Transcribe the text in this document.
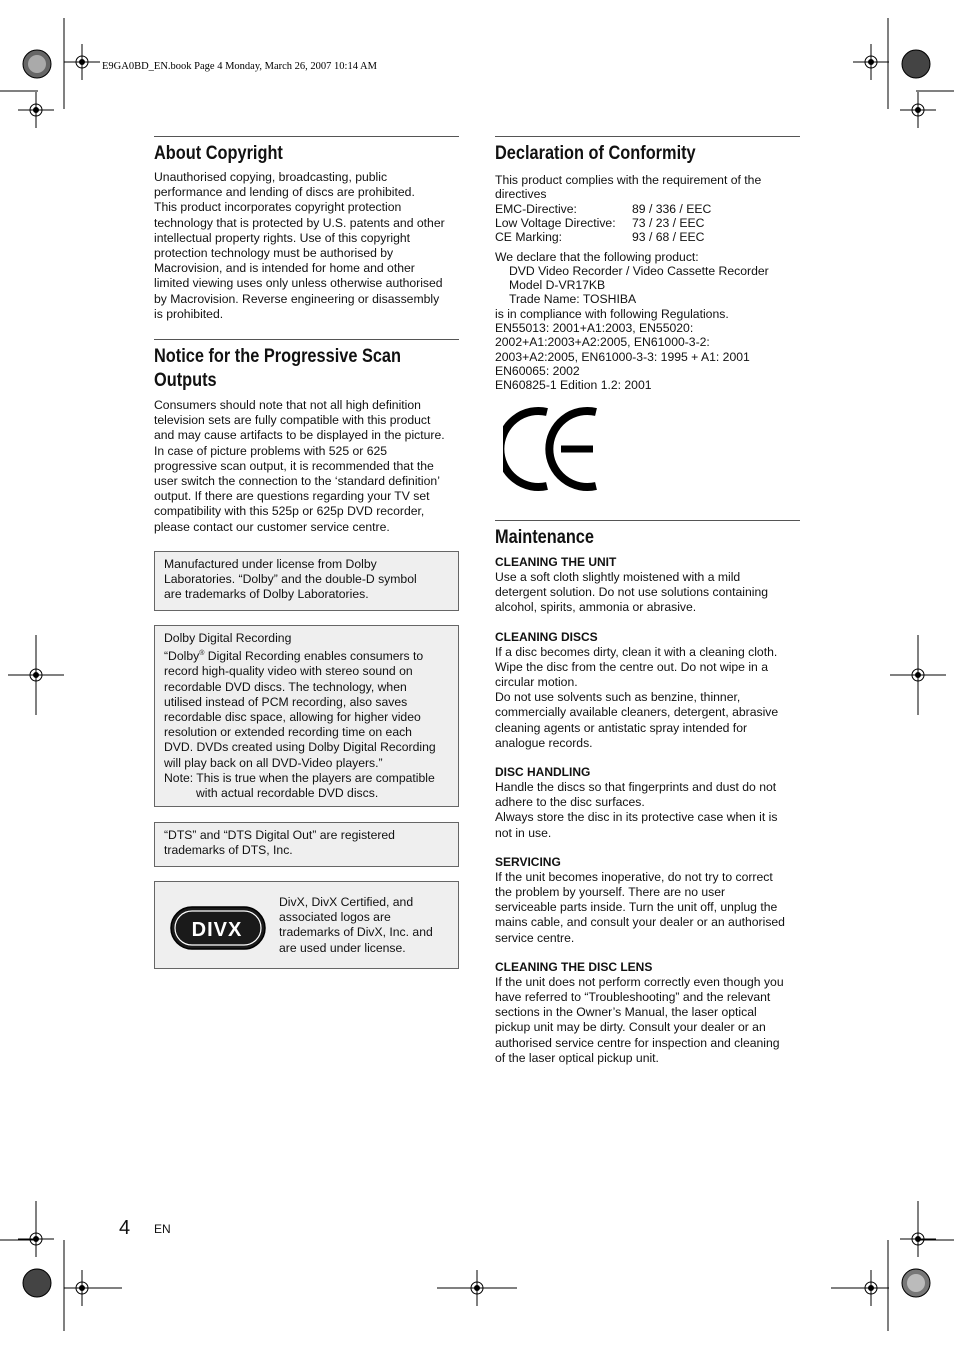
E9GA0BD_EN.book Page 4 Monday, March 26, 2007 10:14 AM
About Copyright
Unauthorised copying, broadcasting, public
performance and lending of discs are prohibited.
This product incorporates copyright protection
technology that is protected by U.S. patents and other
intellectual property rights. Use of this copyright
protection technology must be authorised by
Macrovision, and is intended for home and other
limited viewing uses only unless otherwise authorised
by Macrovision. Reverse engineering or disassembly
is prohibited.
Notice for the Progressive Scan
Outputs
Consumers should note that not all high definition
television sets are fully compatible with this product
and may cause artifacts to be displayed in the picture.
In case of picture problems with 525 or 625
progressive scan output, it is recommended that the
user switch the connection to the ‘standard definition’
output. If there are questions regarding your TV set
compatibility with this 525p or 625p DVD recorder,
please contact our customer service centre.
Manufactured under license from Dolby
Laboratories. “Dolby” and the double-D symbol
are trademarks of Dolby Laboratories.
Dolby Digital Recording
“Dolby® Digital Recording enables consumers to
record high-quality video with stereo sound on
recordable DVD discs. The technology, when
utilised instead of PCM recording, also saves
recordable disc space, allowing for higher video
resolution or extended recording time on each
DVD. DVDs created using Dolby Digital Recording
will play back on all DVD-Video players.”
Note: This is true when the players are compatible
with actual recordable DVD discs.
“DTS” and “DTS Digital Out” are registered
trademarks of DTS, Inc.
DIVX
DivX, DivX Certified, and
associated logos are
trademarks of DivX, Inc. and
are used under license.
Declaration of Conformity
This product complies with the requirement of the
directives
EMC-Directive:	89 / 336 / EEC
Low Voltage Directive:	73 / 23 / EEC
CE Marking:	93 / 68 / EEC
We declare that the following product:
DVD Video Recorder / Video Cassette Recorder
Model D-VR17KB
Trade Name: TOSHIBA
is in compliance with following Regulations.
EN55013: 2001+A1:2003, EN55020:
2002+A1:2003+A2:2005, EN61000-3-2:
2003+A2:2005, EN61000-3-3: 1995 + A1: 2001
EN60065: 2002
EN60825-1 Edition 1.2: 2001
Maintenance
CLEANING THE UNIT
Use a soft cloth slightly moistened with a mild
detergent solution. Do not use solutions containing
alcohol, spirits, ammonia or abrasive.
CLEANING DISCS
If a disc becomes dirty, clean it with a cleaning cloth.
Wipe the disc from the centre out. Do not wipe in a
circular motion.
Do not use solvents such as benzine, thinner,
commercially available cleaners, detergent, abrasive
cleaning agents or antistatic spray intended for
analogue records.
DISC HANDLING
Handle the discs so that fingerprints and dust do not
adhere to the disc surfaces.
Always store the disc in its protective case when it is
not in use.
SERVICING
If the unit becomes inoperative, do not try to correct
the problem by yourself. There are no user
serviceable parts inside. Turn the unit off, unplug the
mains cable, and consult your dealer or an authorised
service centre.
CLEANING THE DISC LENS
If the unit does not perform correctly even though you
have referred to “Troubleshooting” and the relevant
sections in the Owner’s Manual, the laser optical
pickup unit may be dirty. Consult your dealer or an
authorised service centre for inspection and cleaning
of the laser optical pickup unit.
4 EN
